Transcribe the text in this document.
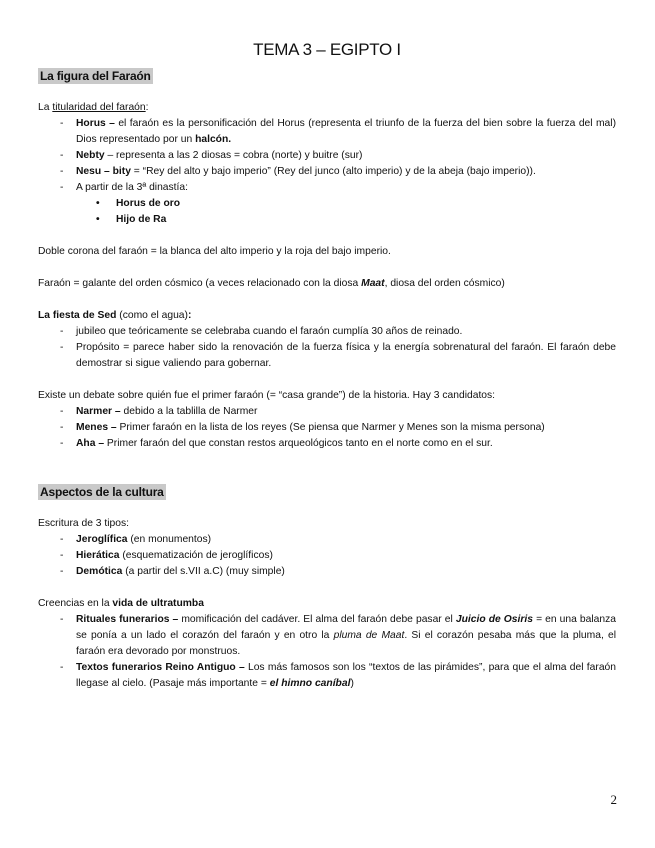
TEMA 3 – EGIPTO I
La figura del Faraón

La titularidad del faraón:

- Horus – el faraón es la personificación del Horus (representa el triunfo de la fuerza del bien sobre la fuerza del mal) Dios representado por un halcón.
- Nebty – representa a las 2 diosas = cobra (norte) y buitre (sur)
- Nesu – bity = “Rey del alto y bajo imperio” (Rey del junco (alto imperio) y de la abeja (bajo imperio)).
- A partir de la 3ª dinastía:
• Horus de oro
• Hijo de Ra

Doble corona del faraón = la blanca del alto imperio y la roja del bajo imperio.

Faraón = galante del orden cósmico (a veces relacionado con la diosa Maat, diosa del orden cósmico)

La fiesta de Sed (como el agua):

- jubileo que teóricamente se celebraba cuando el faraón cumplía 30 años de reinado.
- Propósito = parece haber sido la renovación de la fuerza física y la energía sobrenatural del faraón. El faraón debe demostrar si sigue valiendo para gobernar.

Existe un debate sobre quién fue el primer faraón (= “casa grande”) de la historia. Hay 3 candidatos:

- Narmer – debido a la tablilla de Narmer
- Menes – Primer faraón en la lista de los reyes (Se piensa que Narmer y Menes son la misma persona)
- Aha – Primer faraón del que constan restos arqueológicos tanto en el norte como en el sur.
Aspectos de la cultura

Escritura de 3 tipos:

- Jeroglífica (en monumentos)
- Hierática (esquematización de jeroglíficos)
- Demótica (a partir del s.VII a.C) (muy simple)

Creencias en la vida de ultratumba

- Rituales funerarios – momificación del cadáver. El alma del faraón debe pasar el Juicio de Osiris = en una balanza se ponía a un lado el corazón del faraón y en otro la pluma de Maat. Si el corazón pesaba más que la pluma, el faraón era devorado por monstruos.
- Textos funerarios Reino Antiguo – Los más famosos son los “textos de las pirámides”, para que el alma del faraón llegase al cielo. (Pasaje más importante = el himno caníbal)
2
